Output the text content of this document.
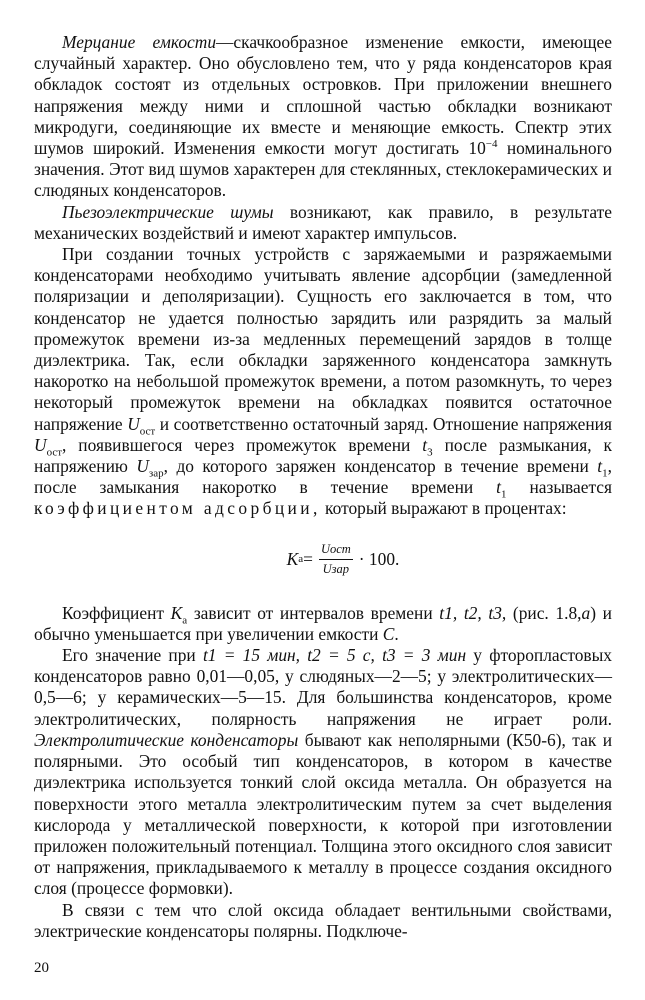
Мерцание емкости—скачкообразное изменение емкости, имеющее случайный характер. Оно обусловлено тем, что у ряда конденсаторов края обкладок состоят из отдельных островков. При приложении внешнего напряжения между ними и сплошной частью обкладки возникают микродуги, соединяющие их вместе и меняющие емкость. Спектр этих шумов широкий. Изменения емкости могут достигать $10^{-4}$ номинального значения. Этот вид шумов характерен для стеклянных, стеклокерамических и слюдяных конденсаторов.

Пьезоэлектрические шумы возникают, как правило, в результате механических воздействий и имеют характер импульсов.

При создании точных устройств с заряжаемыми и разряжаемыми конденсаторами необходимо учитывать явление адсорбции (замедленной поляризации и деполяризации). Сущность его заключается в том, что конденсатор не удается полностью зарядить или разрядить за малый промежуток времени из-за медленных перемещений зарядов в толще диэлектрика. Так, если обкладки заряженного конденсатора замкнуть накоротко на небольшой промежуток времени, а потом разомкнуть, то через некоторый промежуток времени на обкладках появится остаточное напряжение $U_{ост}$ и соответственно остаточный заряд. Отношение напряжения $U_{ост}$, появившегося через промежуток времени $t_3$ после размыкания, к напряжению $U_{зар}$, до которого заряжен конденсатор в течение времени $t_1$, после замыкания накоротко в течение времени $t_1$ называется коэффициентом адсорбции, который выражают в процентах:

K $а = \frac{\text{Uост}}{\text{Uзар}} \cdot 100$.

Коэффициент $K_а$ зависит от интервалов времени t1, t2, t3, (рис. 1.8,а) и обычно уменьшается при увеличении емкости C.

Его значение при t1 = 15 мин, t2 = 5 с, t3 = 3 мин у фторопластовых конденсаторов равно 0,01—0,05, у слюдяных—2—5; у электролитических—0,5—6; у керамических—5—15. Для большинства конденсаторов, кроме электролитических, полярность напряжения не играет роли. Электролитические конденсаторы бывают как неполярными (К50-6), так и полярными. Это особый тип конденсаторов, в котором в качестве диэлектрика используется тонкий слой оксида металла. Он образуется на поверхности этого металла электролитическим путем за счет выделения кислорода у металлической поверхности, к которой при изготовлении приложен положительный потенциал. Толщина этого оксидного слоя зависит от напряжения, прикладываемого к металлу в процессе создания оксидного слоя (процессе формовки).

В связи с тем что слой оксида обладает вентильными свойствами, электрические конденсаторы полярны. Подключе-

20
